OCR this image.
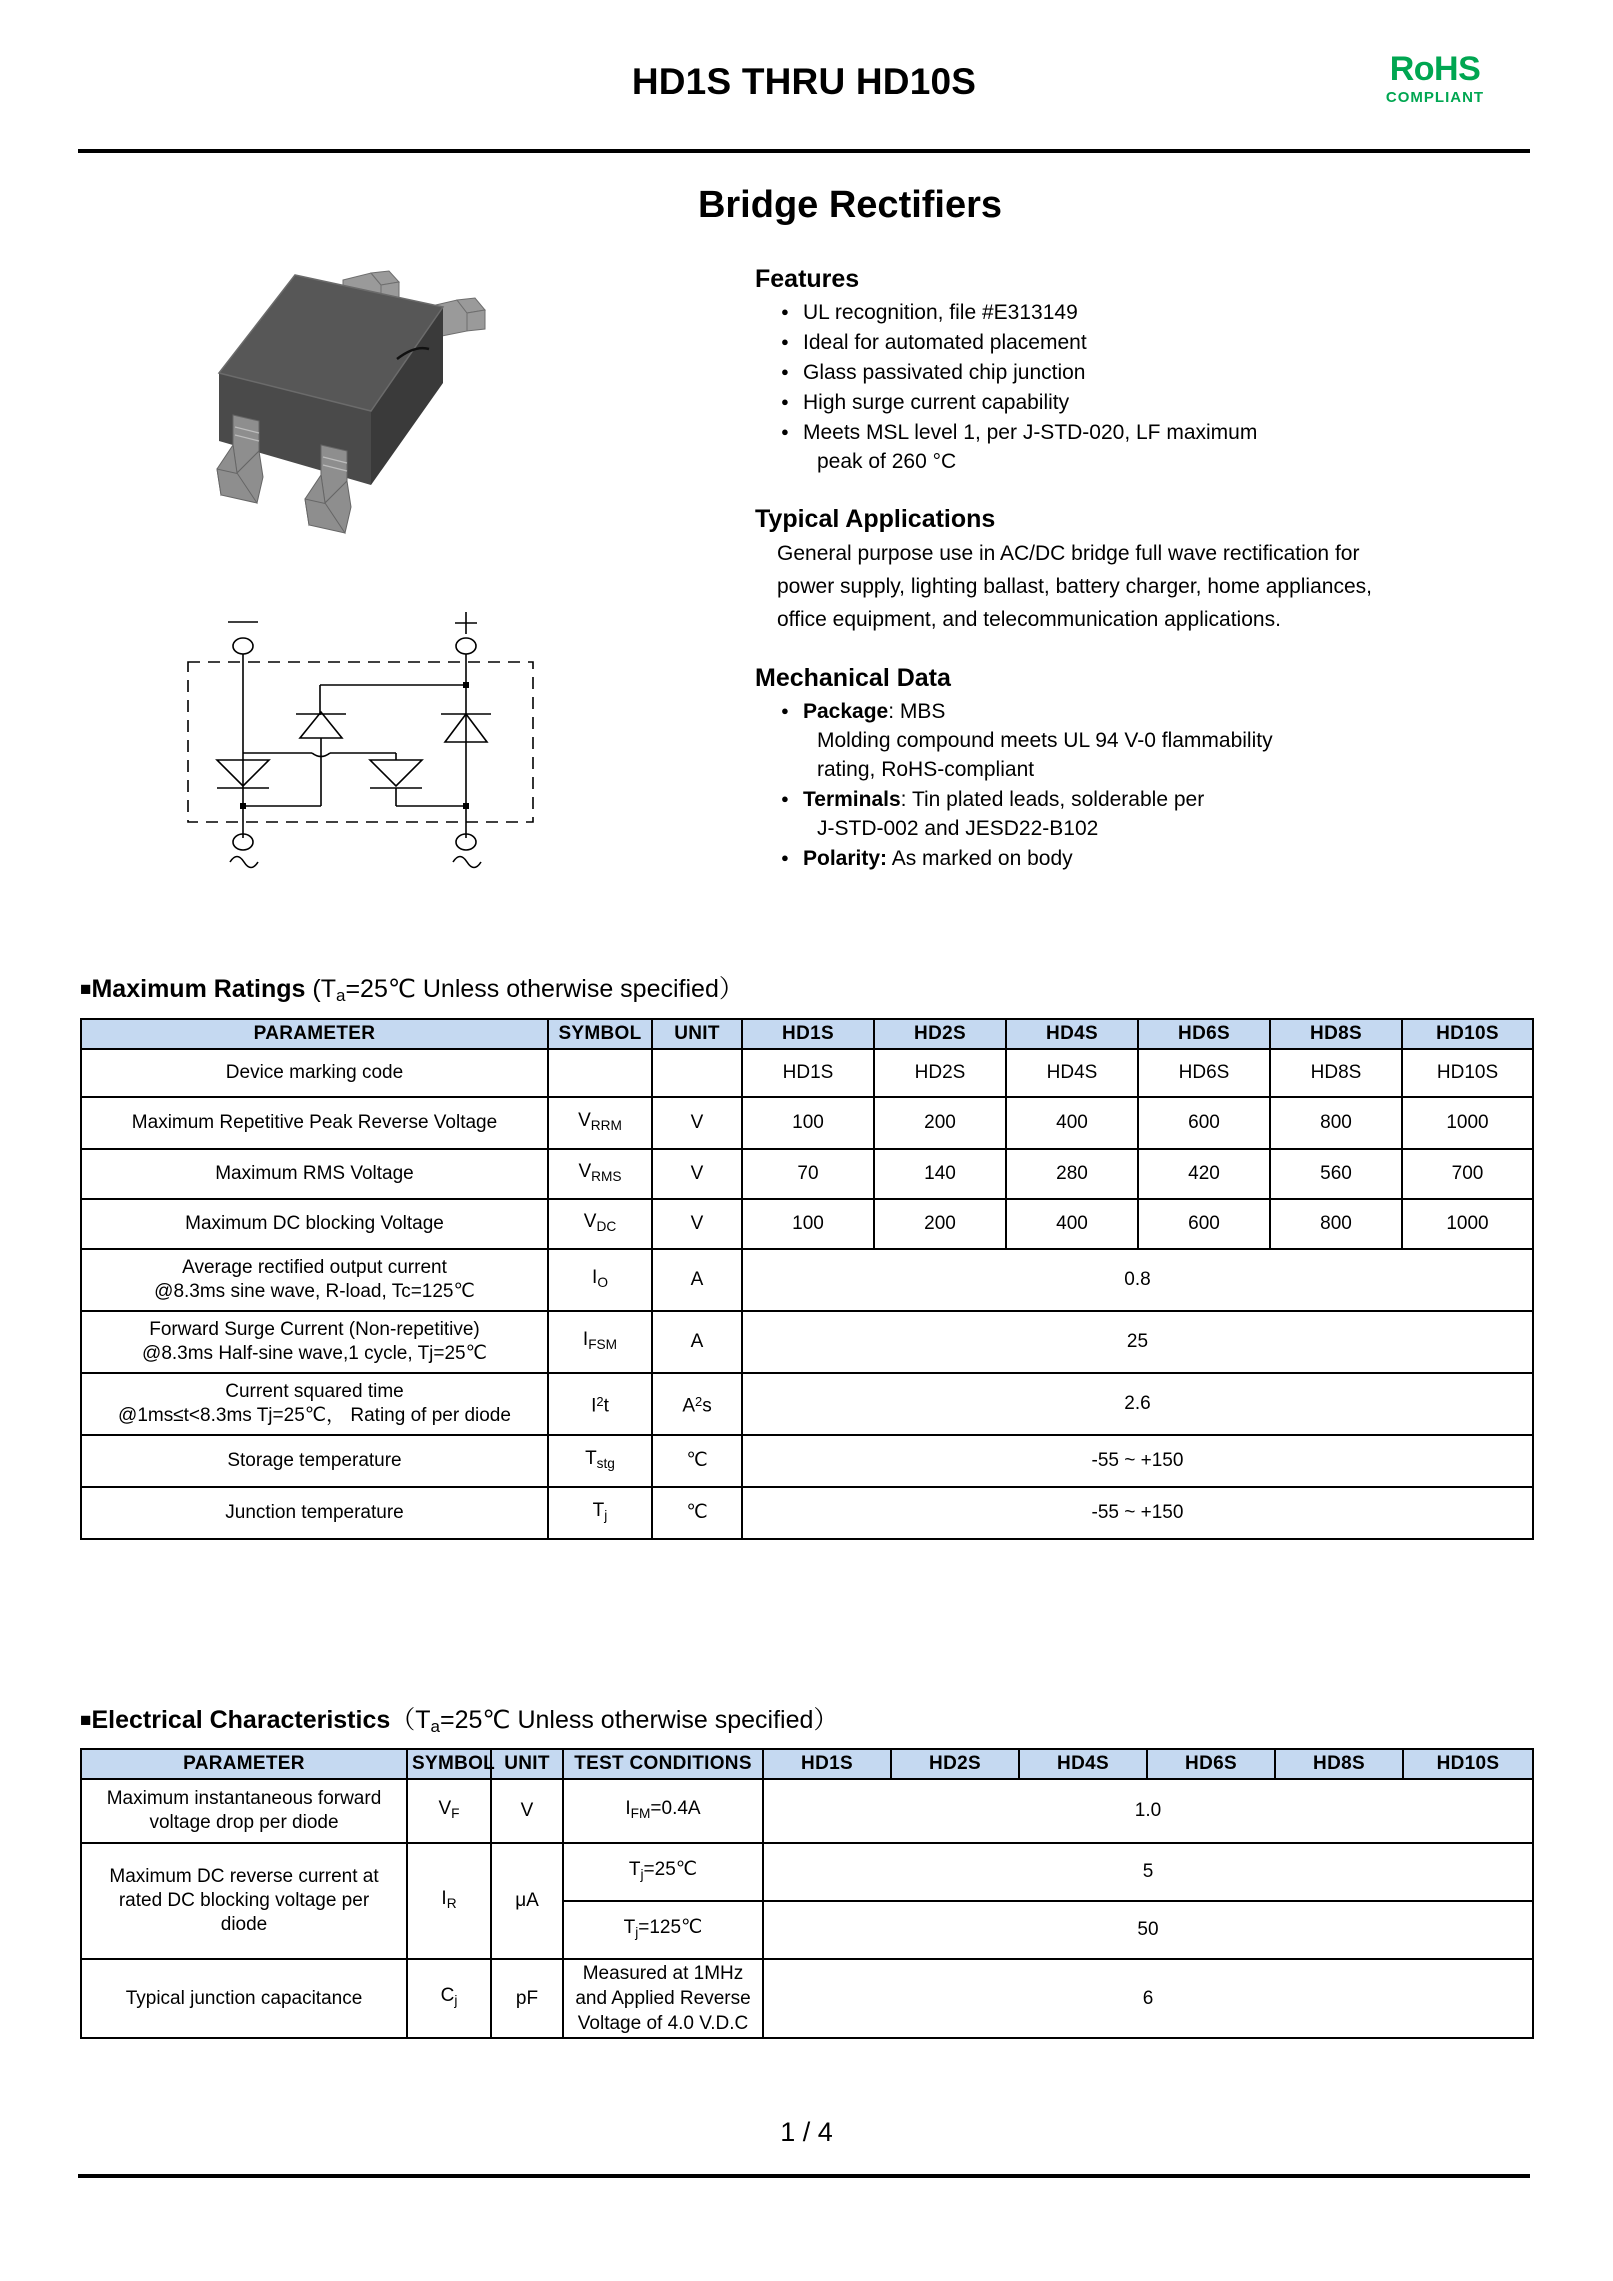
HD1S THRU HD10S	RoHS
COMPLIANT
Bridge Rectifiers
Features
● UL recognition, file #E313149
● Ideal for automated placement
● Glass passivated chip junction
● High surge current capability
● Meets MSL level 1, per J-STD-020, LF maximum
peak of 260 °C
Typical Applications
General purpose use in AC/DC bridge full wave rectification for
power supply, lighting ballast, battery charger, home appliances,
office equipment, and telecommunication applications.
Mechanical Data
● Package: MBS
Molding compound meets UL 94 V-0 flammability
rating, RoHS-compliant
● Terminals: Tin plated leads, solderable per
J-STD-002 and JESD22-B102
● Polarity: As marked on body
■Maximum Ratings ($T_a=25℃$ Unless otherwise specified）
PARAMETER	SYMBOL	UNIT	HD1S	HD2S	HD4S	HD6S	HD8S	HD10S
Device marking code			HD1S	HD2S	HD4S	HD6S	HD8S	HD10S
Maximum Repetitive Peak Reverse Voltage	$V_{RRM}$	V	100	200	400	600	800	1000
Maximum RMS Voltage	$V_{RMS}$	V	70	140	280	420	560	700
Maximum DC blocking Voltage	$V_{DC}$	V	100	200	400	600	800	1000
Average rectified output current
@8.3ms sine wave, R-load, Tc=125℃	$I_O$	A	0.8					
Forward Surge Current (Non-repetitive)
@8.3ms Half-sine wave,1 cycle, Tj=25℃	$I_{FSM}$	A	25					
Current squared time
@1ms≤t<8.3ms Tj=25℃， Rating of per diode	$I^2t$	$A^2s$	2.6					
Storage temperature	$T_{stg}$	℃	-55 ~ +150					
Junction temperature	$T_j$	℃	-55 ~ +150					
■Electrical $Characteristics(T_a=25℃$ Unless otherwise specified）
PARAMETER	SYMBOL	UNIT	TEST CONDITIONS	HD1S	HD2S	HD4S	HD6S	HD8S	HD10S
Maximum instantaneous forward
voltage drop per diode	$V_F$	V	$I_{FM}=0.4A$	1.0					
Maximum DC reverse current at
rated DC blocking voltage per
diode	$I_R$	μA	$T_j=25℃$	5					
			$T_j=125℃$	50					
Typical junction capacitance	$C_j$	pF	Measured at 1MHz
and Applied Reverse
Voltage of 4.0 V.D.C	6					
1 / 4
